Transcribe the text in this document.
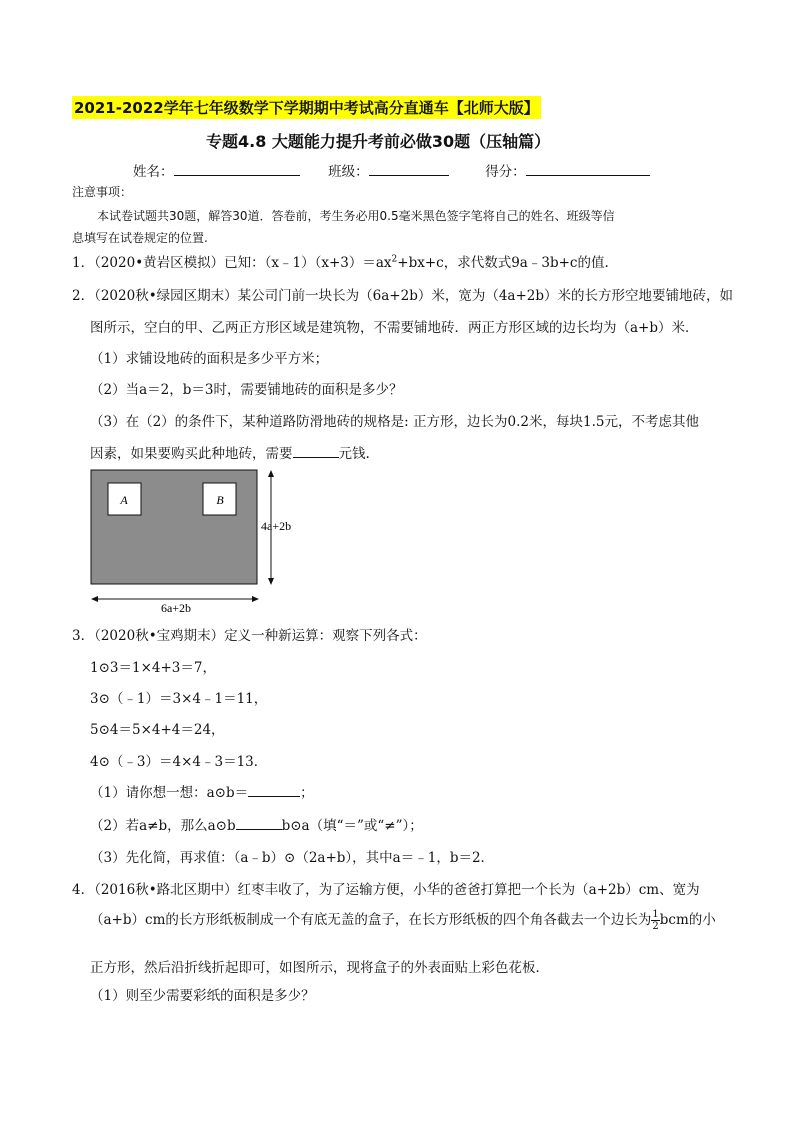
2021-2022学年七年级数学下学期期中考试高分直通车【北师大版】
专题4.8 大题能力提升考前必做30题（压轴篇）
姓名：	班级：	得分：
注意事项：
本试卷试题共30题，解答30道．答卷前，考生务必用0.5毫米黑色签字笔将自己的姓名、班级等信
息填写在试卷规定的位置.
1．（2020•黄岩区模拟）已知：$(x﹣1)(x+3)=ax^2+bx+c$，求代数式9a﹣3b+c的值.
2．（2020秋•绿园区期末）某公司门前一块长为（6a+2b）米，宽为（4a+2b）米的长方形空地要铺地砖，如
图所示，空白的甲、乙两正方形区域是建筑物，不需要铺地砖．两正方形区域的边长均为（a+b）米．
（1）求铺设地砖的面积是多少平方米；
（2）当a＝2，b＝3时，需要铺地砖的面积是多少？
（3）在（2）的条件下，某种道路防滑地砖的规格是: 正方形，边长为0.2米，每块1.5元，不考虑其他
因素，如果要购买此种地砖，需要	元钱.
A	B
4a+2b
6a+2b
3．（2020秋•宝鸡期末）定义一种新运算：观察下列各式：
1⊙3＝1×4+3＝7，
3⊙（﹣1）＝3×4﹣1＝11，
5⊙4＝5×4+4＝24，
4⊙（﹣3）＝4×4﹣3＝13．
（1）请你想一想：a⊙b＝	；
（2）若a≠b，那么a⊙b	b⊙a（填“＝”或“≠”）；
（3）先化简，再求值：（a﹣b）⊙（2a+b），其中a＝﹣1，b＝2．
4．（2016秋•路北区期中）红枣丰收了，为了运输方便，小华的爸爸打算把一个长为（a+2b）cm、宽为
（a+b）cm的长方形纸板制成一个有底无盖的盒子，在长方形纸板的四个角各截去一个边长为 $\frac{1}{2}$ bcm的小
正方形，然后沿折线折起即可，如图所示，现将盒子的外表面贴上彩色花板．
（1）则至少需要彩纸的面积是多少？
